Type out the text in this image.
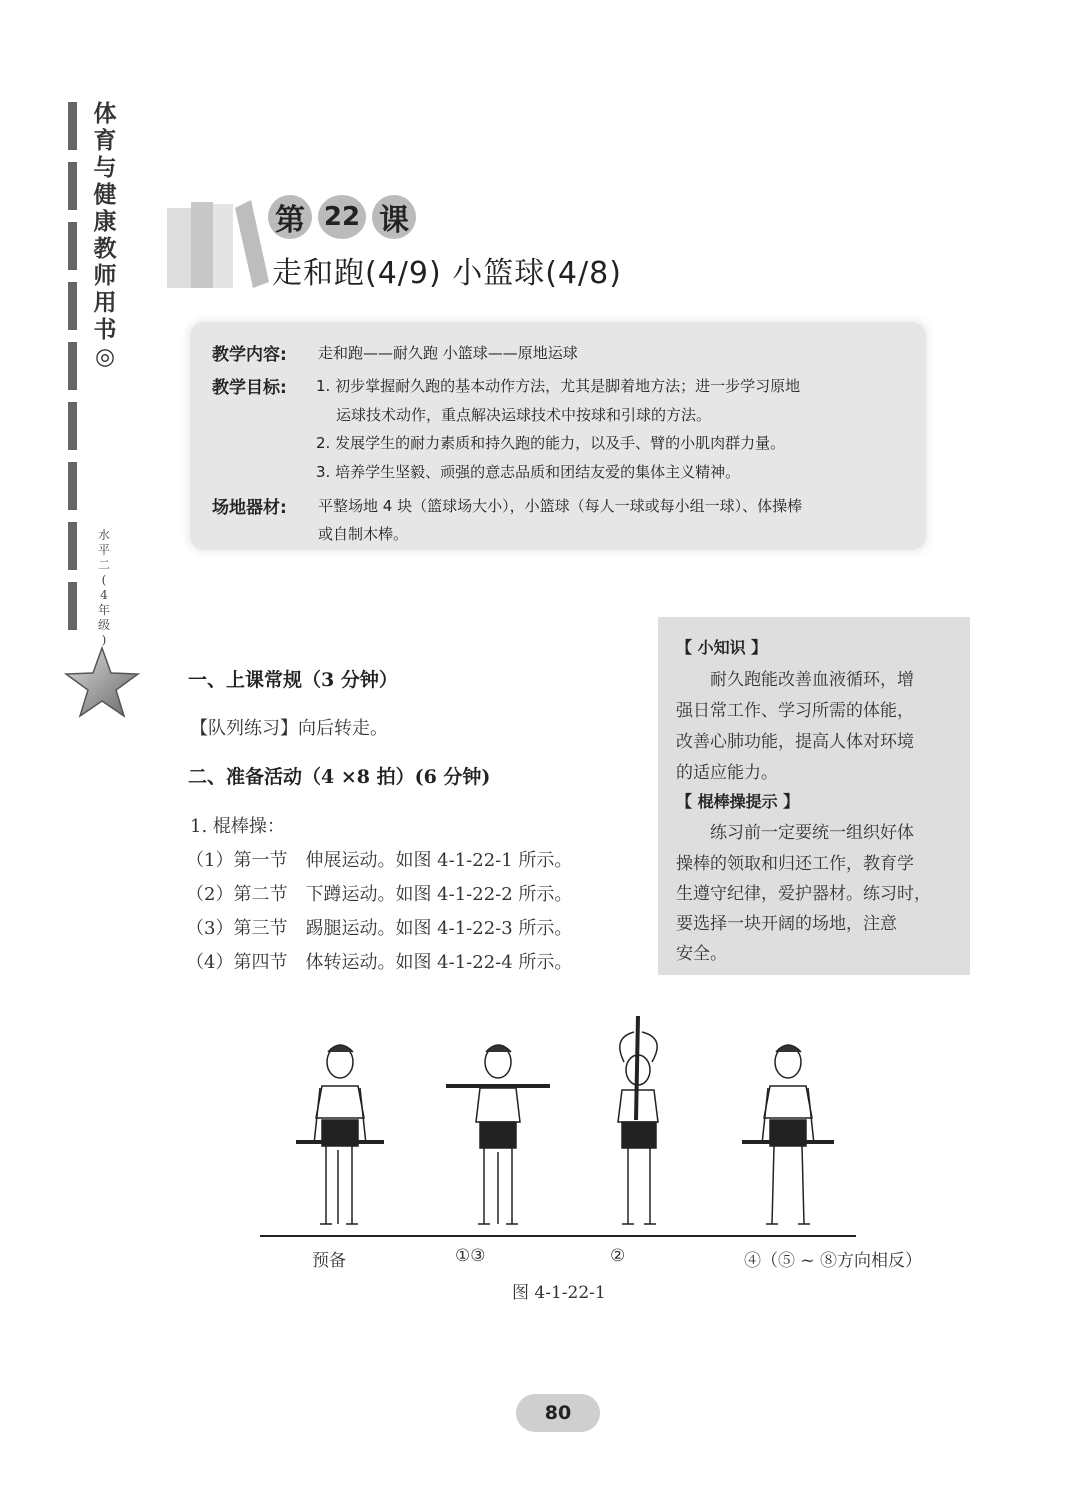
体
育
与
健
康
教
师
用
书
◎
水
平
二
(
4
年
级
)
第 22 课
走和跑(4/9) 小篮球(4/8)
教学内容: 走和跑——耐久跑 小篮球——原地运球
教学目标: 1. 初步掌握耐久跑的基本动作方法，尤其是脚着地方法；进一步学习原地
运球技术动作，重点解决运球技术中按球和引球的方法。
2. 发展学生的耐力素质和持久跑的能力，以及手、臂的小肌肉群力量。
3. 培养学生坚毅、顽强的意志品质和团结友爱的集体主义精神。
场地器材: 平整场地 4 块（篮球场大小），小篮球（每人一球或每小组一球）、体操棒
或自制木棒。
一、上课常规（3 分钟）
【队列练习】向后转走。
二、准备活动（4 ×8 拍）(6 分钟)
1. 棍棒操：
（1）第一节　伸展运动。如图 4-1-22-1 所示。
（2）第二节　下蹲运动。如图 4-1-22-2 所示。
（3）第三节　踢腿运动。如图 4-1-22-3 所示。
（4）第四节　体转运动。如图 4-1-22-4 所示。
【 小知识 】
　　耐久跑能改善血液循环，增
强日常工作、学习所需的体能，
改善心肺功能，提高人体对环境
的适应能力。
【 棍棒操提示 】
　　练习前一定要统一组织好体
操棒的领取和归还工作，教育学
生遵守纪律，爱护器材。练习时，
要选择一块开阔的场地，注意
安全。
预备	①③	②	④（⑤ ~ ⑧方向相反）
图 4-1-22-1
80
